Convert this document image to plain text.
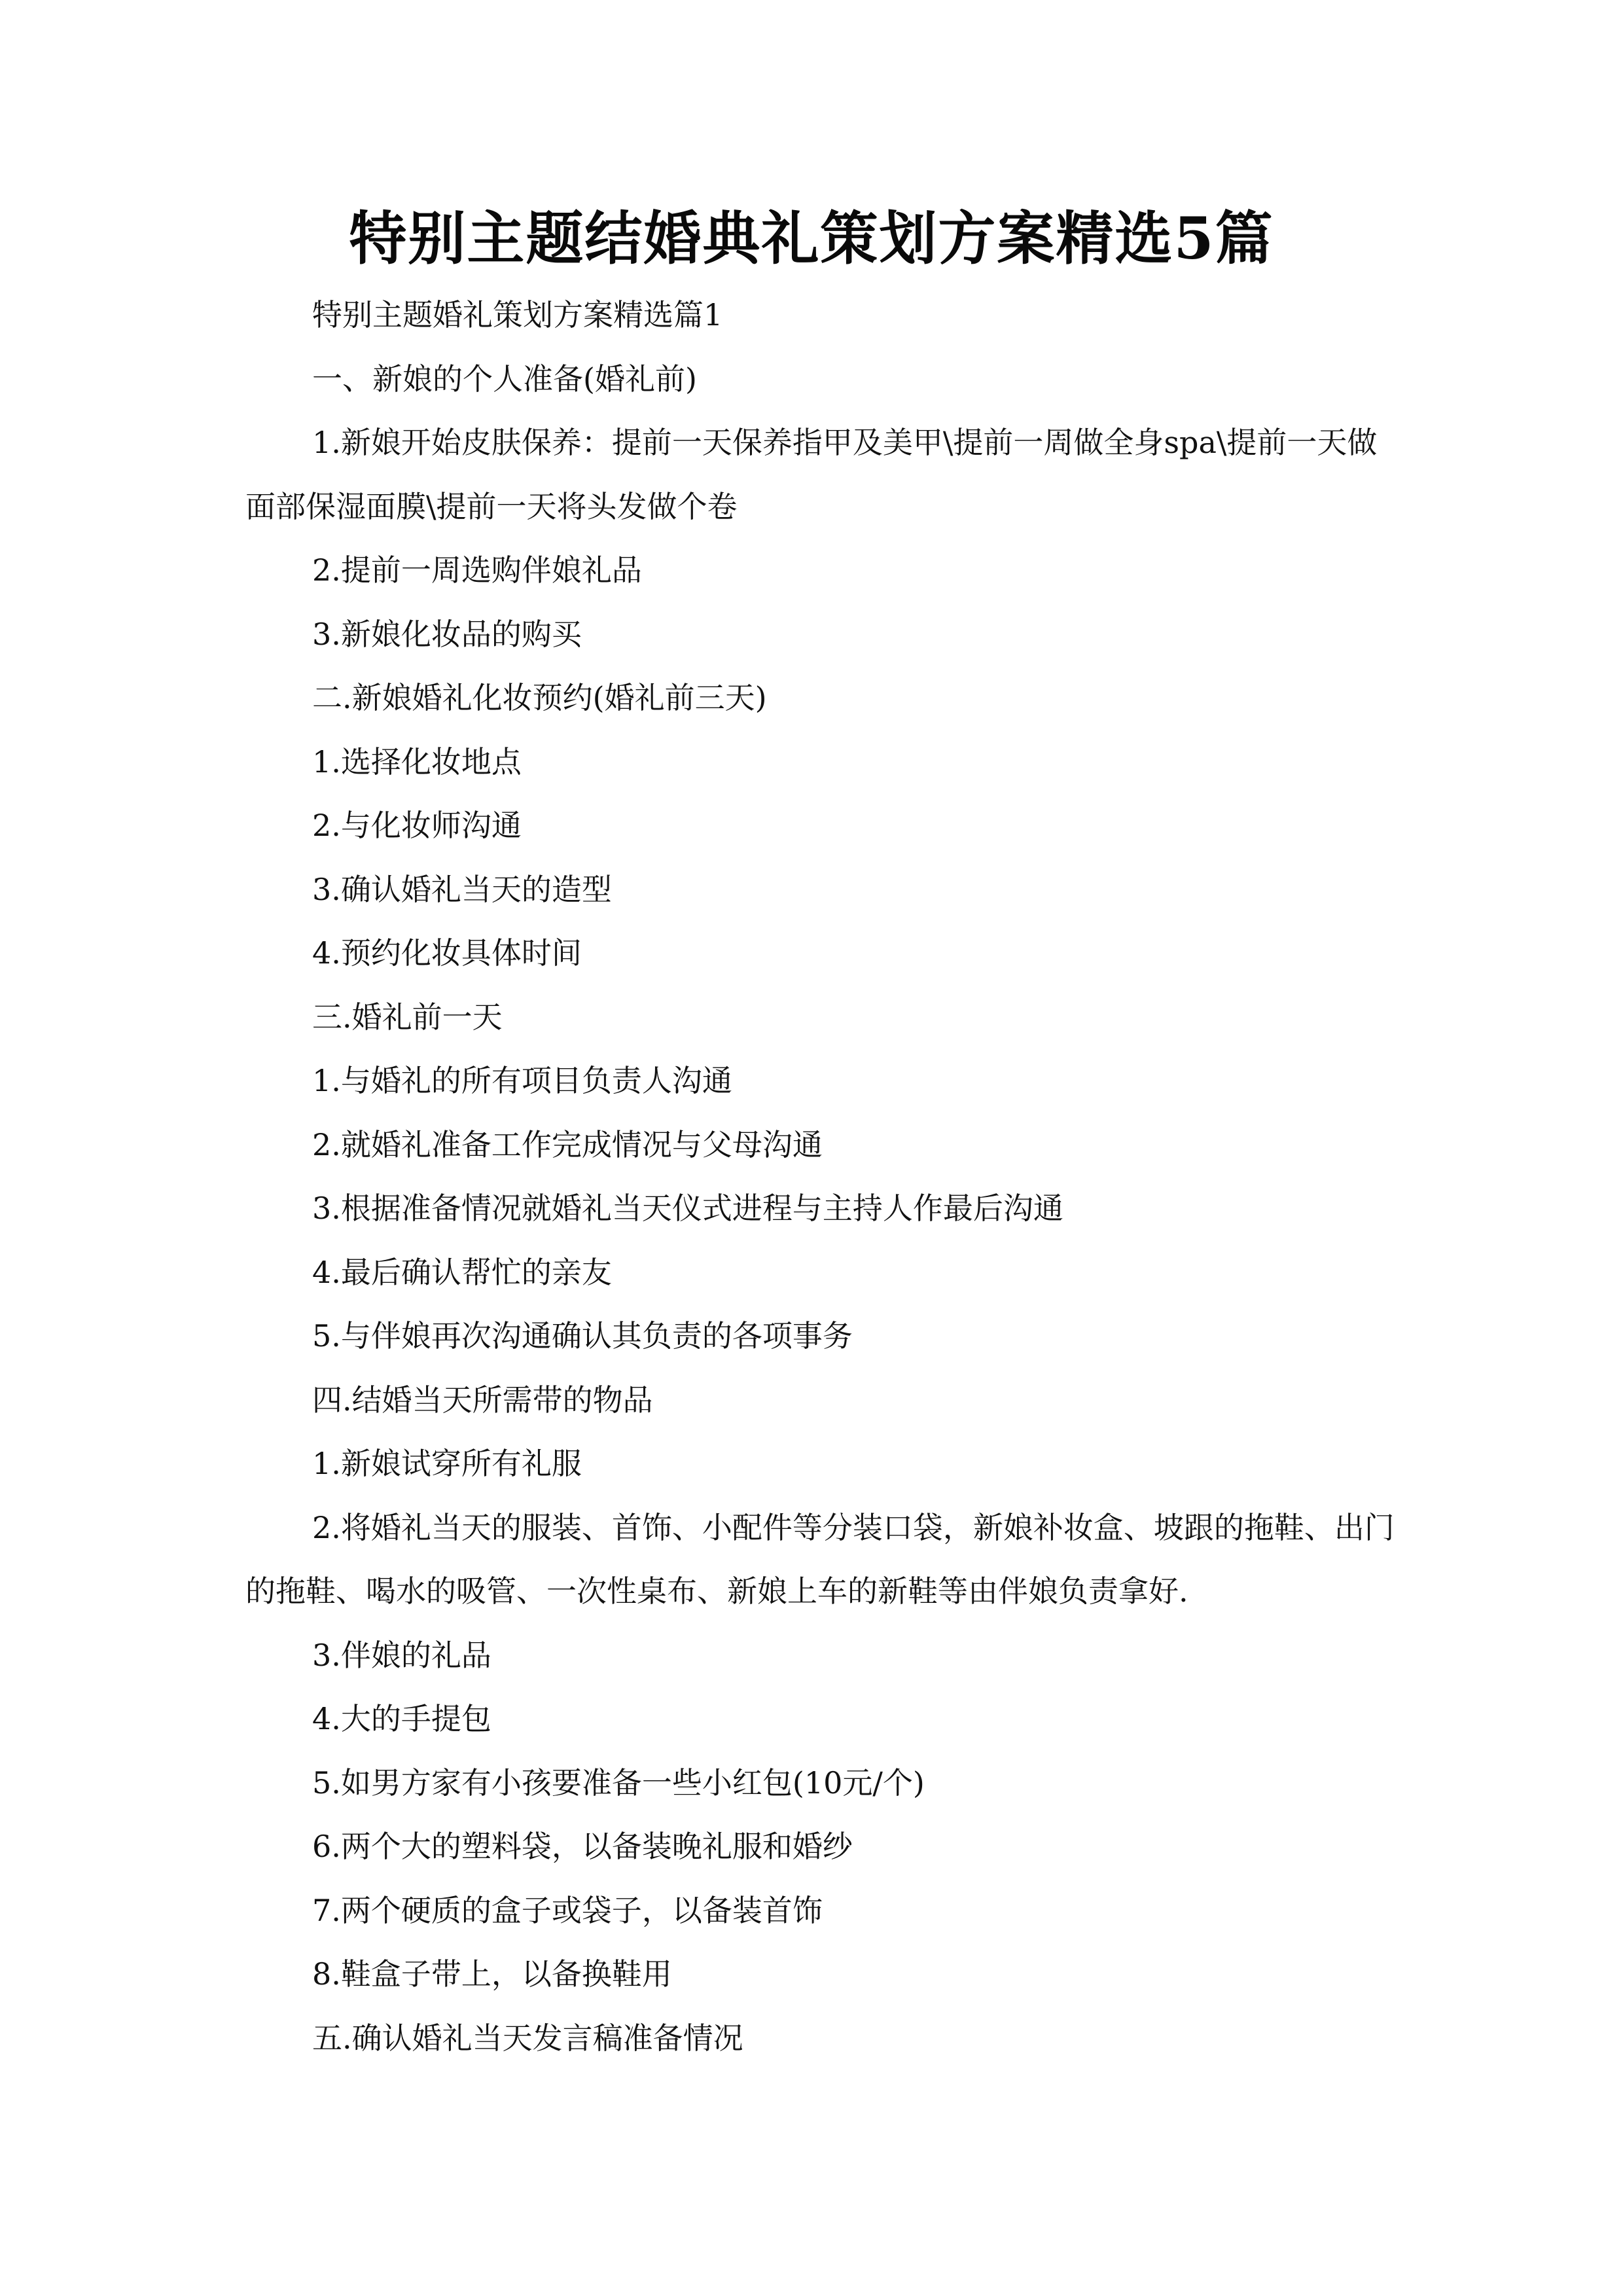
特别主题结婚典礼策划方案精选5篇

特别主题婚礼策划方案精选篇1

一、新娘的个人准备(婚礼前)

1.新娘开始皮肤保养：提前一天保养指甲及美甲\提前一周做全身spa\提前一天做面部保湿面膜\提前一天将头发做个卷

2.提前一周选购伴娘礼品

3.新娘化妆品的购买

二.新娘婚礼化妆预约(婚礼前三天)

1.选择化妆地点

2.与化妆师沟通

3.确认婚礼当天的造型

4.预约化妆具体时间

三.婚礼前一天

1.与婚礼的所有项目负责人沟通

2.就婚礼准备工作完成情况与父母沟通

3.根据准备情况就婚礼当天仪式进程与主持人作最后沟通

4.最后确认帮忙的亲友

5.与伴娘再次沟通确认其负责的各项事务

四.结婚当天所需带的物品

1.新娘试穿所有礼服

2.将婚礼当天的服装、首饰、小配件等分装口袋，新娘补妆盒、坡跟的拖鞋、出门的拖鞋、喝水的吸管、一次性桌布、新娘上车的新鞋等由伴娘负责拿好.

3.伴娘的礼品

4.大的手提包

5.如男方家有小孩要准备一些小红包(10元/个)

6.两个大的塑料袋，以备装晚礼服和婚纱

7.两个硬质的盒子或袋子，以备装首饰

8.鞋盒子带上，以备换鞋用

五.确认婚礼当天发言稿准备情况
